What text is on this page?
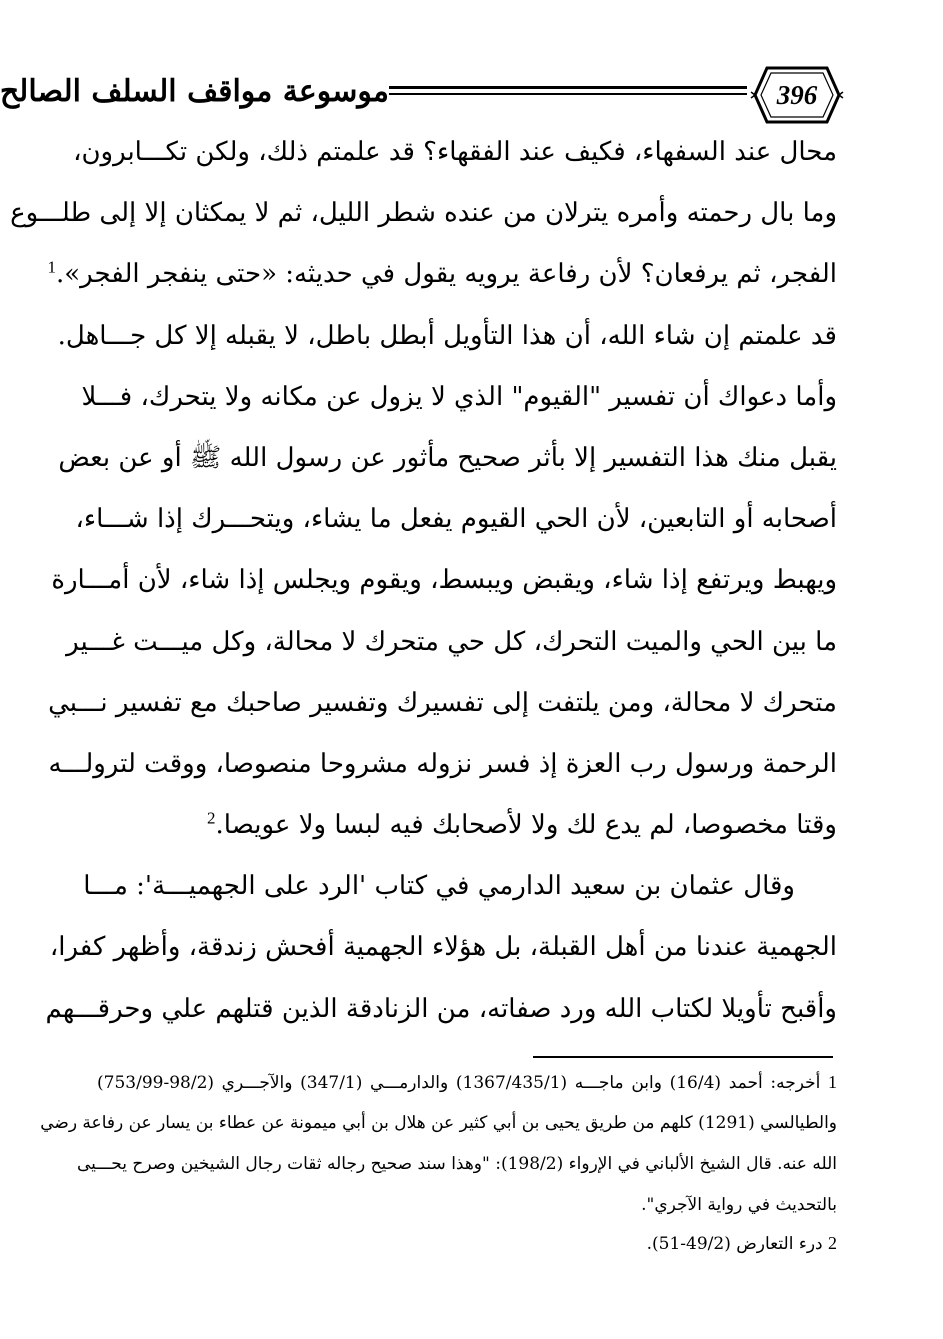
396
موسوعة مواقف السلف الصالح
محال عند السفهاء، فكيف عند الفقهاء؟ قد علمتم ذلك، ولكن تكـــابرون،
وما بال رحمته وأمره يترلان من عنده شطر الليل، ثم لا يمكثان إلا إلى طلـــوع
الفجر، ثم يرفعان؟ لأن رفاعة يرويه يقول في حديثه: «حتى ينفجر الفجر».$^1$
قد علمتم إن شاء الله، أن هذا التأويل أبطل باطل، لا يقبله إلا كل جـــاهل.
وأما دعواك أن تفسير "القيوم" الذي لا يزول عن مكانه ولا يتحرك، فـــلا
يقبل منك هذا التفسير إلا بأثر صحيح مأثور عن رسول الله ﷺ أو عن بعض
أصحابه أو التابعين، لأن الحي القيوم يفعل ما يشاء، ويتحـــرك إذا شـــاء،
ويهبط ويرتفع إذا شاء، ويقبض ويبسط، ويقوم ويجلس إذا شاء، لأن أمـــارة
ما بين الحي والميت التحرك، كل حي متحرك لا محالة، وكل ميـــت غـــير
متحرك لا محالة، ومن يلتفت إلى تفسيرك وتفسير صاحبك مع تفسير نـــبي
الرحمة ورسول رب العزة إذ فسر نزوله مشروحا منصوصا، ووقت لترولـــه
وقتا مخصوصا، لم يدع لك ولا لأصحابك فيه لبسا ولا عويصا.$^2$
وقال عثمان بن سعيد الدارمي في كتاب 'الرد على الجهميـــة': مـــا
الجهمية عندنا من أهل القبلة، بل هؤلاء الجهمية أفحش زندقة، وأظهر كفرا،
وأقبح تأويلا لكتاب الله ورد صفاته، من الزنادقة الذين قتلهم علي وحرقـــهم
1 أخرجه: أحمد (16/4) وابن ماجـــه (1367/435/1) والدارمـــي (347/1) والآجـــري (98/2-753/99)
والطيالسي (1291) كلهم من طريق يحيى بن أبي كثير عن هلال بن أبي ميمونة عن عطاء بن يسار عن رفاعة رضي
الله عنه. قال الشيخ الألباني في الإرواء (198/2): "وهذا سند صحيح رجاله ثقات رجال الشيخين وصرح يحـــيى
بالتحديث في رواية الآجري".
2 درء التعارض (49/2-51).
